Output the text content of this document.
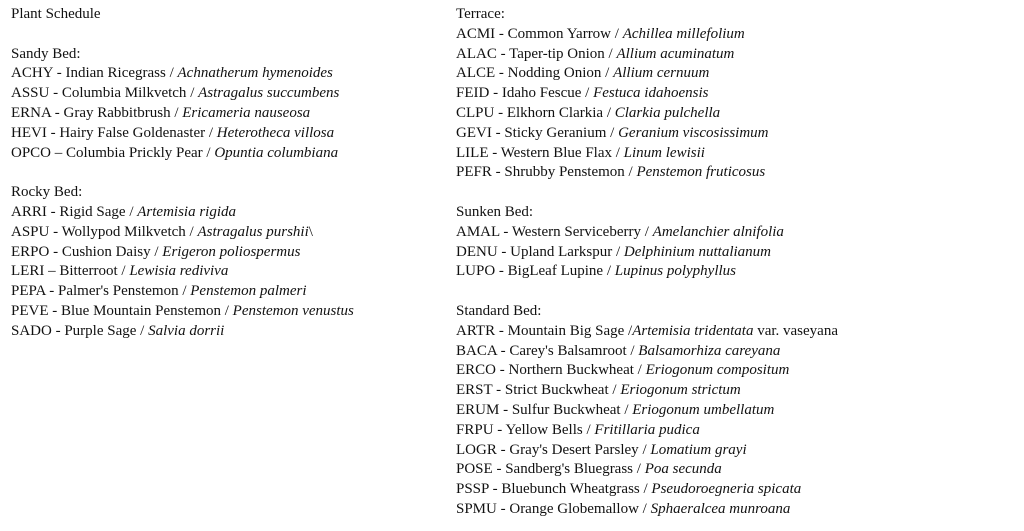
Plant Schedule
Sandy Bed:
ACHY - Indian Ricegrass / Achnatherum hymenoides
ASSU - Columbia Milkvetch / Astragalus succumbens
ERNA - Gray Rabbitbrush / Ericameria nauseosa
HEVI - Hairy False Goldenaster / Heterotheca villosa
OPCO – Columbia Prickly Pear / Opuntia columbiana
Rocky Bed:
ARRI - Rigid Sage / Artemisia rigida
ASPU - Wollypod Milkvetch / Astragalus purshii\
ERPO - Cushion Daisy / Erigeron poliospermus
LERI – Bitterroot / Lewisia rediviva
PEPA - Palmer's Penstemon / Penstemon palmeri
PEVE - Blue Mountain Penstemon / Penstemon venustus
SADO - Purple Sage / Salvia dorrii
Terrace:
ACMI - Common Yarrow / Achillea millefolium
ALAC - Taper-tip Onion / Allium acuminatum
ALCE - Nodding Onion / Allium cernuum
FEID - Idaho Fescue / Festuca idahoensis
CLPU - Elkhorn Clarkia / Clarkia pulchella
GEVI - Sticky Geranium / Geranium viscosissimum
LILE - Western Blue Flax / Linum lewisii
PEFR - Shrubby Penstemon / Penstemon fruticosus
Sunken Bed:
AMAL - Western Serviceberry / Amelanchier alnifolia
DENU - Upland Larkspur / Delphinium nuttalianum
LUPO - BigLeaf Lupine / Lupinus polyphyllus
Standard Bed:
ARTR - Mountain Big Sage /Artemisia tridentata var. vaseyana
BACA - Carey's Balsamroot / Balsamorhiza careyana
ERCO - Northern Buckwheat / Eriogonum compositum
ERST - Strict Buckwheat / Eriogonum strictum
ERUM - Sulfur Buckwheat / Eriogonum umbellatum
FRPU - Yellow Bells / Fritillaria pudica
LOGR - Gray's Desert Parsley / Lomatium grayi
POSE - Sandberg's Bluegrass / Poa secunda
PSSP - Bluebunch Wheatgrass / Pseudoroegneria spicata
SPMU - Orange Globemallow / Sphaeralcea munroana
